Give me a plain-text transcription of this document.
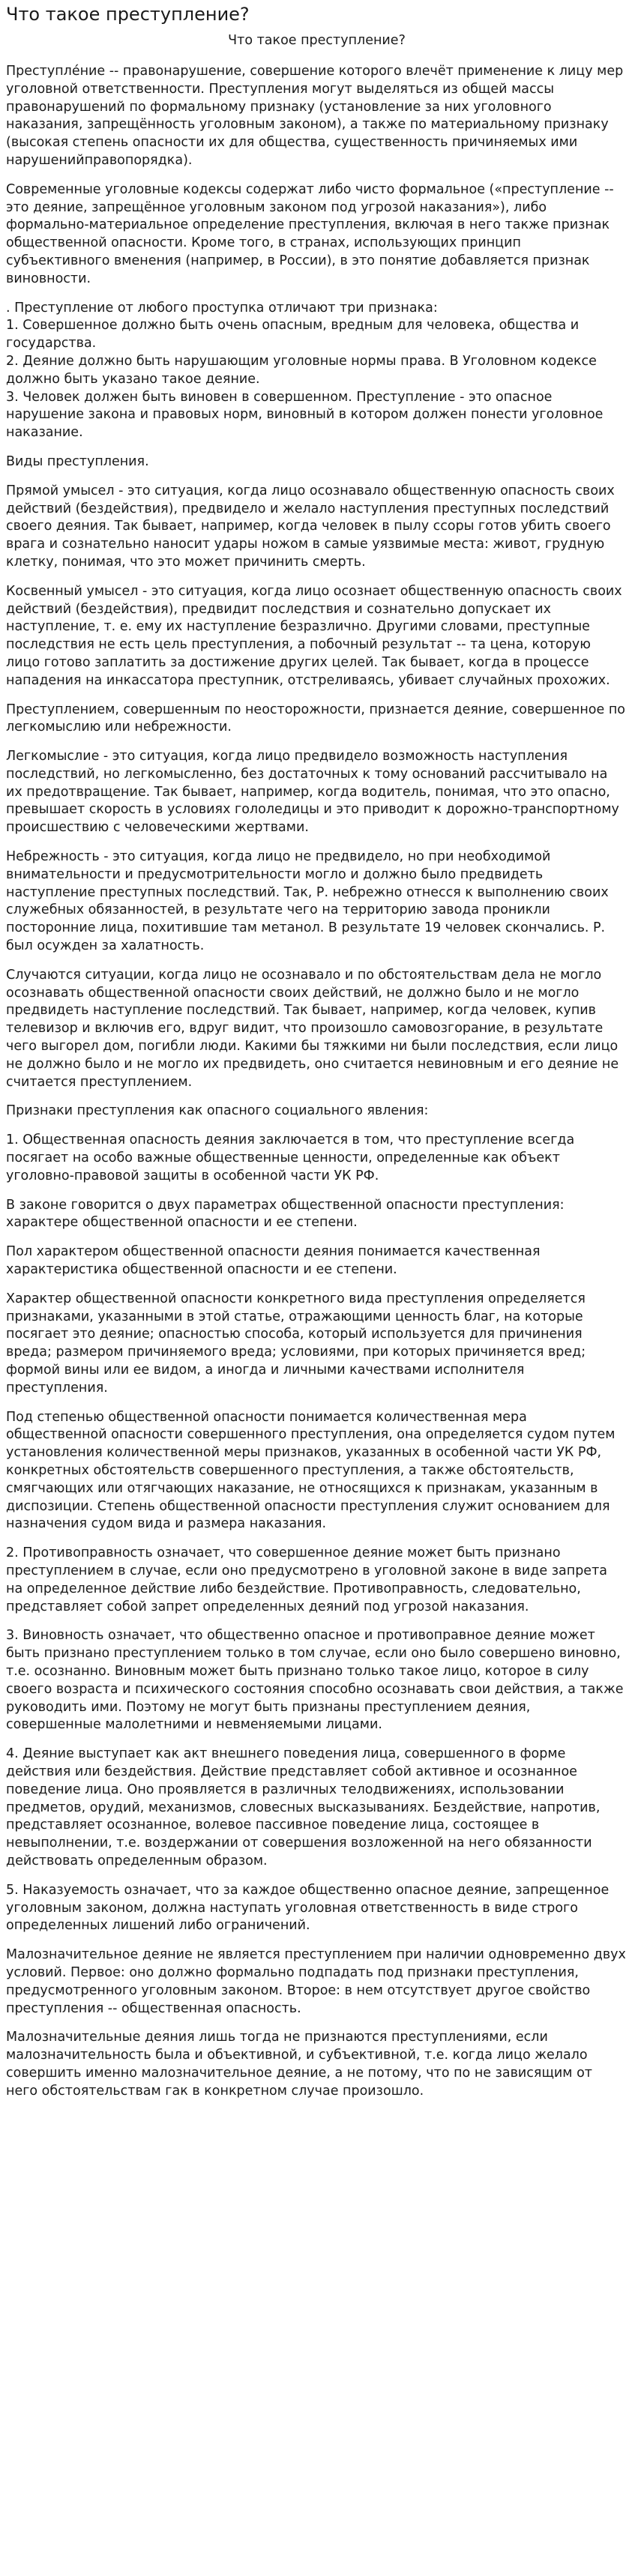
Что такое преступление?
Что такое преступление?

Преступлéние -- правонарушение, совершение которого влечёт применение к лицу мер уголовной ответственности. Преступления могут выделяться из общей массы правонарушений по формальному признаку (установление за них уголовного наказания, запрещённость уголовным законом), а также по материальному признаку (высокая степень опасности их для общества, существенность причиняемых ими нарушенийправопорядка).

Современные уголовные кодексы содержат либо чисто формальное («преступление -- это деяние, запрещённое уголовным законом под угрозой наказания»), либо формально-материальное определение преступления, включая в него также признак общественной опасности. Кроме того, в странах, использующих принцип субъективного вменения (например, в России), в это понятие добавляется признак виновности.

. Преступление от любого проступка отличают три признака:

1. Совершенное должно быть очень опасным, вредным для человека, общества и государства.

2. Деяние должно быть нарушающим уголовные нормы права. В Уголовном кодексе должно быть указано такое деяние.

3. Человек должен быть виновен в совершенном. Преступление - это опасное нарушение закона и правовых норм, виновный в котором должен понести уголовное наказание.

Виды преступления.

Прямой умысел - это ситуация, когда лицо осознавало общественную опасность своих действий (бездействия), предвидело и желало наступления преступных последствий своего деяния. Так бывает, например, когда человек в пылу ссоры готов убить своего врага и сознательно наносит удары ножом в самые уязвимые места: живот, грудную клетку, понимая, что это может причинить смерть.

Косвенный умысел - это ситуация, когда лицо осознает общественную опасность своих действий (бездействия), предвидит последствия и сознательно допускает их наступление, т. е. ему их наступление безразлично. Другими словами, преступные последствия не есть цель преступления, а побочный результат -- та цена, которую лицо готово заплатить за достижение других целей. Так бывает, когда в процессе нападения на инкассатора преступник, отстреливаясь, убивает случайных прохожих.

Преступлением, совершенным по неосторожности, признается деяние, совершенное по легкомыслию или небрежности.

Легкомыслие - это ситуация, когда лицо предвидело возможность наступления последствий, но легкомысленно, без достаточных к тому оснований рассчитывало на их предотвращение. Так бывает, например, когда водитель, понимая, что это опасно, превышает скорость в условиях гололедицы и это приводит к дорожно-транспортному происшествию с человеческими жертвами.

Небрежность - это ситуация, когда лицо не предвидело, но при необходимой внимательности и предусмотрительности могло и должно было предвидеть наступление преступных последствий. Так, Р. небрежно отнесся к выполнению своих служебных обязанностей, в результате чего на территорию завода проникли посторонние лица, похитившие там метанол. В результате 19 человек скончались. Р. был осужден за халатность.

Случаются ситуации, когда лицо не осознавало и по обстоятельствам дела не могло осознавать общественной опасности своих действий, не должно было и не могло предвидеть наступление последствий. Так бывает, например, когда человек, купив телевизор и включив его, вдруг видит, что произошло самовозгорание, в результате чего выгорел дом, погибли люди. Какими бы тяжкими ни были последствия, если лицо не должно было и не могло их предвидеть, оно считается невиновным и его деяние не считается преступлением.

Признаки преступления как опасного социального явления:

1. Общественная опасность деяния заключается в том, что преступление всегда посягает на особо важные общественные ценности, определенные как объект уголовно-правовой защиты в особенной части УК РФ.

В законе говорится о двух параметрах общественной опасности преступления: характере общественной опасности и ее степени.

Пол характером общественной опасности деяния понимается качественная характеристика общественной опасности и ее степени.

Характер общественной опасности конкретного вида преступления определяется признаками, указанными в этой статье, отражающими ценность благ, на которые посягает это деяние; опасностью способа, который используется для причинения вреда; размером причиняемого вреда; условиями, при которых причиняется вред; формой вины или ее видом, а иногда и личными качествами исполнителя преступления.

Под степенью общественной опасности понимается количественная мера общественной опасности совершенного преступления, она определяется судом путем установления количественной меры признаков, указанных в особенной части УК РФ, конкретных обстоятельств совершенного преступления, а также обстоятельств, смягчающих или отягчающих наказание, не относящихся к признакам, указанным в диспозиции. Степень общественной опасности преступления служит основанием для назначения судом вида и размера наказания.

2. Противоправность означает, что совершенное деяние может быть признано преступлением в случае, если оно предусмотрено в уголовной законе в виде запрета на определенное действие либо бездействие. Противоправность, следовательно, представляет собой запрет определенных деяний под угрозой наказания.

3. Виновность означает, что общественно опасное и противоправное деяние может быть признано преступлением только в том случае, если оно было совершено виновно, т.е. осознанно. Виновным может быть признано только такое лицо, которое в силу своего возраста и психического состояния способно осознавать свои действия, а также руководить ими. Поэтому не могут быть признаны преступлением деяния, совершенные малолетними и невменяемыми лицами.

4. Деяние выступает как акт внешнего поведения лица, совершенного в форме действия или бездействия. Действие представляет собой активное и осознанное поведение лица. Оно проявляется в различных телодвижениях, использовании предметов, орудий, механизмов, словесных высказываниях. Бездействие, напротив, представляет осознанное, волевое пассивное поведение лица, состоящее в невыполнении, т.е. воздержании от совершения возложенной на него обязанности действовать определенным образом.

5. Наказуемость означает, что за каждое общественно опасное деяние, запрещенное уголовным законом, должна наступать уголовная ответственность в виде строго определенных лишений либо ограничений.

Малозначительное деяние не является преступлением при наличии одновременно двух условий. Первое: оно должно формально подпадать под признаки преступления, предусмотренного уголовным законом. Второе: в нем отсутствует другое свойство преступления -- общественная опасность.

Малозначительные деяния лишь тогда не признаются преступлениями, если малозначительность была и объективной, и субъективной, т.е. когда лицо желало совершить именно малозначительное деяние, а не потому, что по не зависящим от него обстоятельствам гак в конкретном случае произошло.
